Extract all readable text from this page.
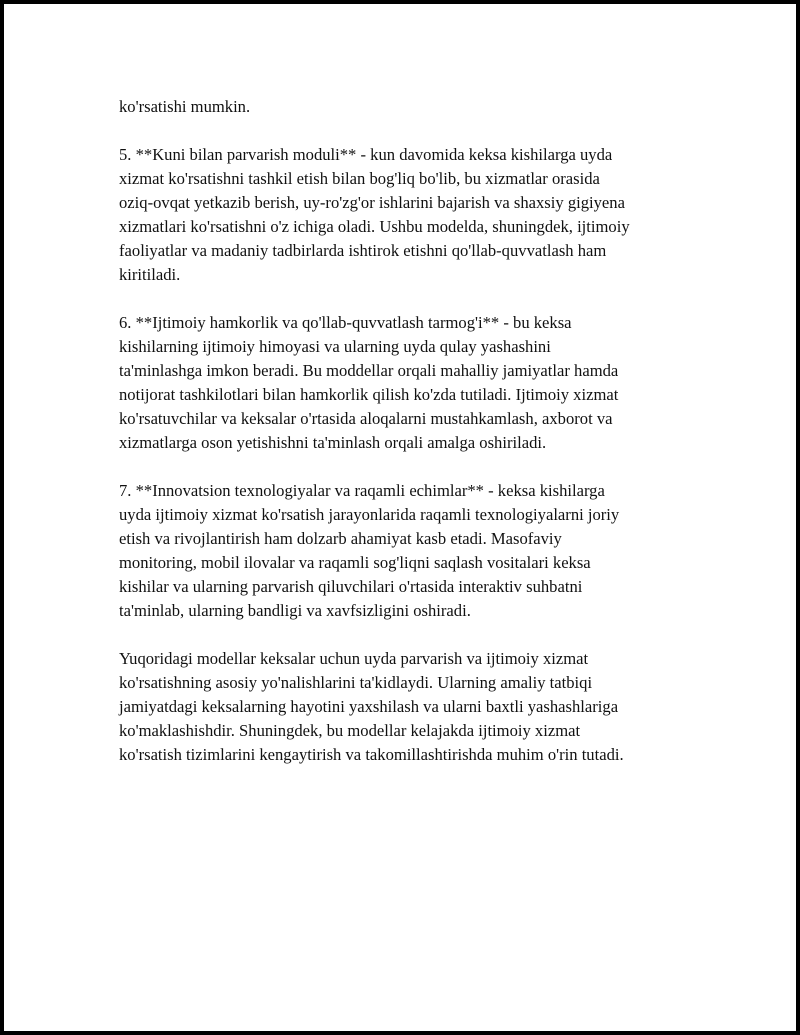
ko'rsatishi mumkin.

5. **Kuni bilan parvarish moduli** - kun davomida keksa kishilarga uyda
xizmat ko'rsatishni tashkil etish bilan bog'liq bo'lib, bu xizmatlar orasida
oziq-ovqat yetkazib berish, uy-ro'zg'or ishlarini bajarish va shaxsiy gigiyena
xizmatlari ko'rsatishni o'z ichiga oladi. Ushbu modelda, shuningdek, ijtimoiy
faoliyatlar va madaniy tadbirlarda ishtirok etishni qo'llab-quvvatlash ham
kiritiladi.

6. **Ijtimoiy hamkorlik va qo'llab-quvvatlash tarmog'i** - bu keksa
kishilarning ijtimoiy himoyasi va ularning uyda qulay yashashini
ta'minlashga imkon beradi. Bu moddellar orqali mahalliy jamiyatlar hamda
notijorat tashkilotlari bilan hamkorlik qilish ko'zda tutiladi. Ijtimoiy xizmat
ko'rsatuvchilar va keksalar o'rtasida aloqalarni mustahkamlash, axborot va
xizmatlarga oson yetishishni ta'minlash orqali amalga oshiriladi.

7. **Innovatsion texnologiyalar va raqamli echimlar** - keksa kishilarga
uyda ijtimoiy xizmat ko'rsatish jarayonlarida raqamli texnologiyalarni joriy
etish va rivojlantirish ham dolzarb ahamiyat kasb etadi. Masofaviy
monitoring, mobil ilovalar va raqamli sog'liqni saqlash vositalari keksa
kishilar va ularning parvarish qiluvchilari o'rtasida interaktiv suhbatni
ta'minlab, ularning bandligi va xavfsizligini oshiradi.

Yuqoridagi modellar keksalar uchun uyda parvarish va ijtimoiy xizmat
ko'rsatishning asosiy yo'nalishlarini ta'kidlaydi. Ularning amaliy tatbiqi
jamiyatdagi keksalarning hayotini yaxshilash va ularni baxtli yashashlariga
ko'maklashishdir. Shuningdek, bu modellar kelajakda ijtimoiy xizmat
ko'rsatish tizimlarini kengaytirish va takomillashtirishda muhim o'rin tutadi.
